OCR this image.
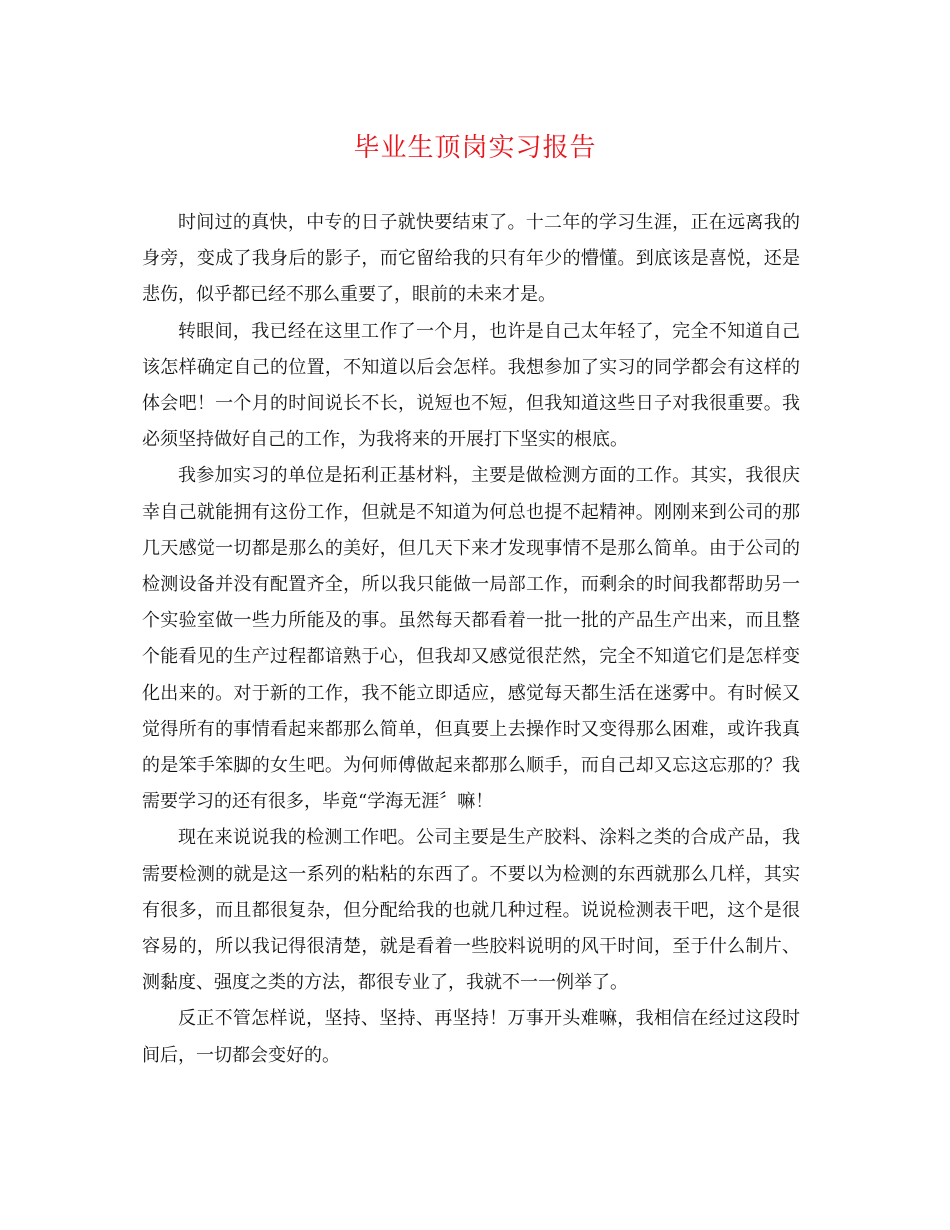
毕业生顶岗实习报告

时间过的真快，中专的日子就快要结束了。十二年的学习生涯，正在远离我的身旁，变成了我身后的影子，而它留给我的只有年少的懵懂。到底该是喜悦，还是悲伤，似乎都已经不那么重要了，眼前的未来才是。

转眼间，我已经在这里工作了一个月，也许是自己太年轻了，完全不知道自己该怎样确定自己的位置，不知道以后会怎样。我想参加了实习的同学都会有这样的体会吧！一个月的时间说长不长，说短也不短，但我知道这些日子对我很重要。我必须坚持做好自己的工作，为我将来的开展打下坚实的根底。

我参加实习的单位是拓利正基材料，主要是做检测方面的工作。其实，我很庆幸自己就能拥有这份工作，但就是不知道为何总也提不起精神。刚刚来到公司的那几天感觉一切都是那么的美好，但几天下来才发现事情不是那么简单。由于公司的检测设备并没有配置齐全，所以我只能做一局部工作，而剩余的时间我都帮助另一个实验室做一些力所能及的事。虽然每天都看着一批一批的产品生产出来，而且整个能看见的生产过程都谙熟于心，但我却又感觉很茫然，完全不知道它们是怎样变化出来的。对于新的工作，我不能立即适应，感觉每天都生活在迷雾中。有时候又觉得所有的事情看起来都那么简单，但真要上去操作时又变得那么困难，或许我真的是笨手笨脚的女生吧。为何师傅做起来都那么顺手，而自己却又忘这忘那的？我需要学习的还有很多，毕竟“学海无涯〞嘛！

现在来说说我的检测工作吧。公司主要是生产胶料、涂料之类的合成产品，我需要检测的就是这一系列的粘粘的东西了。不要以为检测的东西就那么几样，其实有很多，而且都很复杂，但分配给我的也就几种过程。说说检测表干吧，这个是很容易的，所以我记得很清楚，就是看着一些胶料说明的风干时间，至于什么制片、测黏度、强度之类的方法，都很专业了，我就不一一例举了。

反正不管怎样说，坚持、坚持、再坚持！万事开头难嘛，我相信在经过这段时间后，一切都会变好的。
